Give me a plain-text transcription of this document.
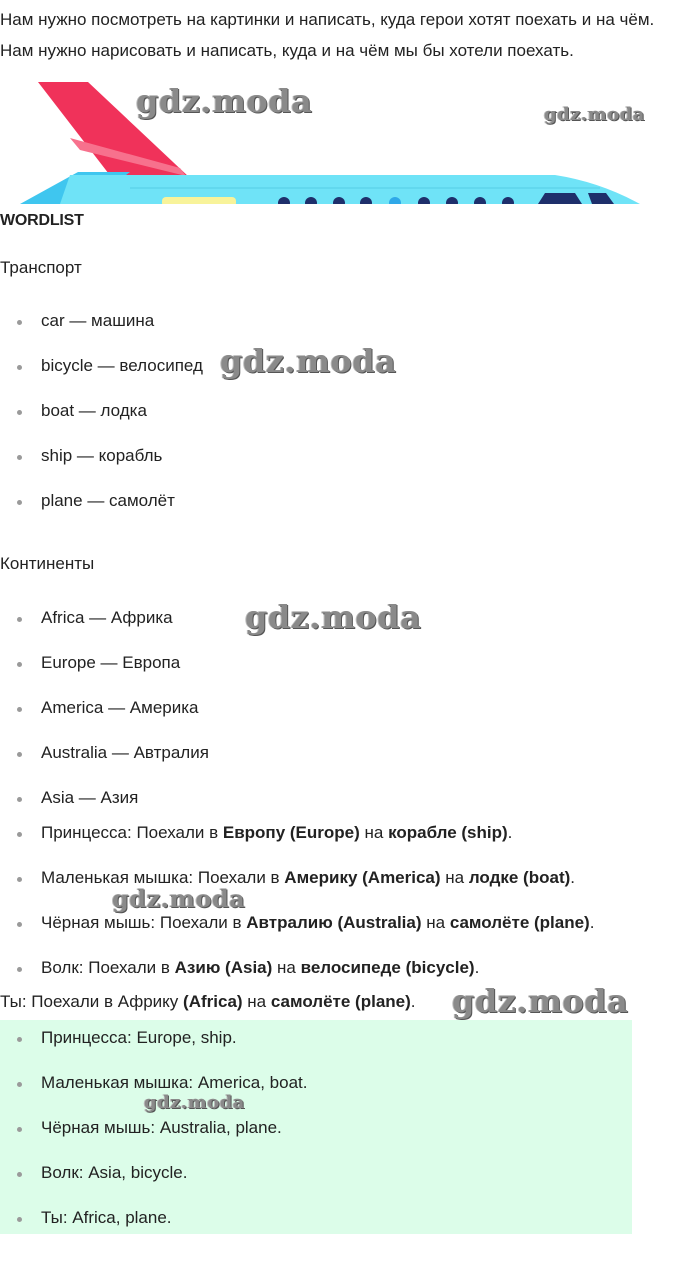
Нам нужно посмотреть на картинки и написать, куда герои хотят поехать и на чём. Нам нужно нарисовать и написать, куда и на чём мы бы хотели поехать.

gdz.moda	gdz.moda
WORDLIST

Транспорт

car — машина
bicycle — велосипед
boat — лодка
ship — корабль
plane — самолёт
gdz.moda

Континенты

Africa — Африка
Europe — Европа
America — Америка
Australia — Автралия
Asia — Азия
gdz.moda
Принцесса: Поехали в Европу (Europe) на корабле (ship).
Маленькая мышка: Поехали в Америку (America) на лодке (boat).
Чёрная мышь: Поехали в Автралию (Australia) на самолёте (plane).
Волк: Поехали в Азию (Asia) на велосипеде (bicycle).
gdz.moda

Ты: Поехали в Африку (Africa) на самолёте (plane). gdz.moda
Принцесса: Europe, ship.
Маленькая мышка: America, boat.
Чёрная мышь: Australia, plane.
Волк: Asia, bicycle.
Ты: Africa, plane.
gdz.moda
